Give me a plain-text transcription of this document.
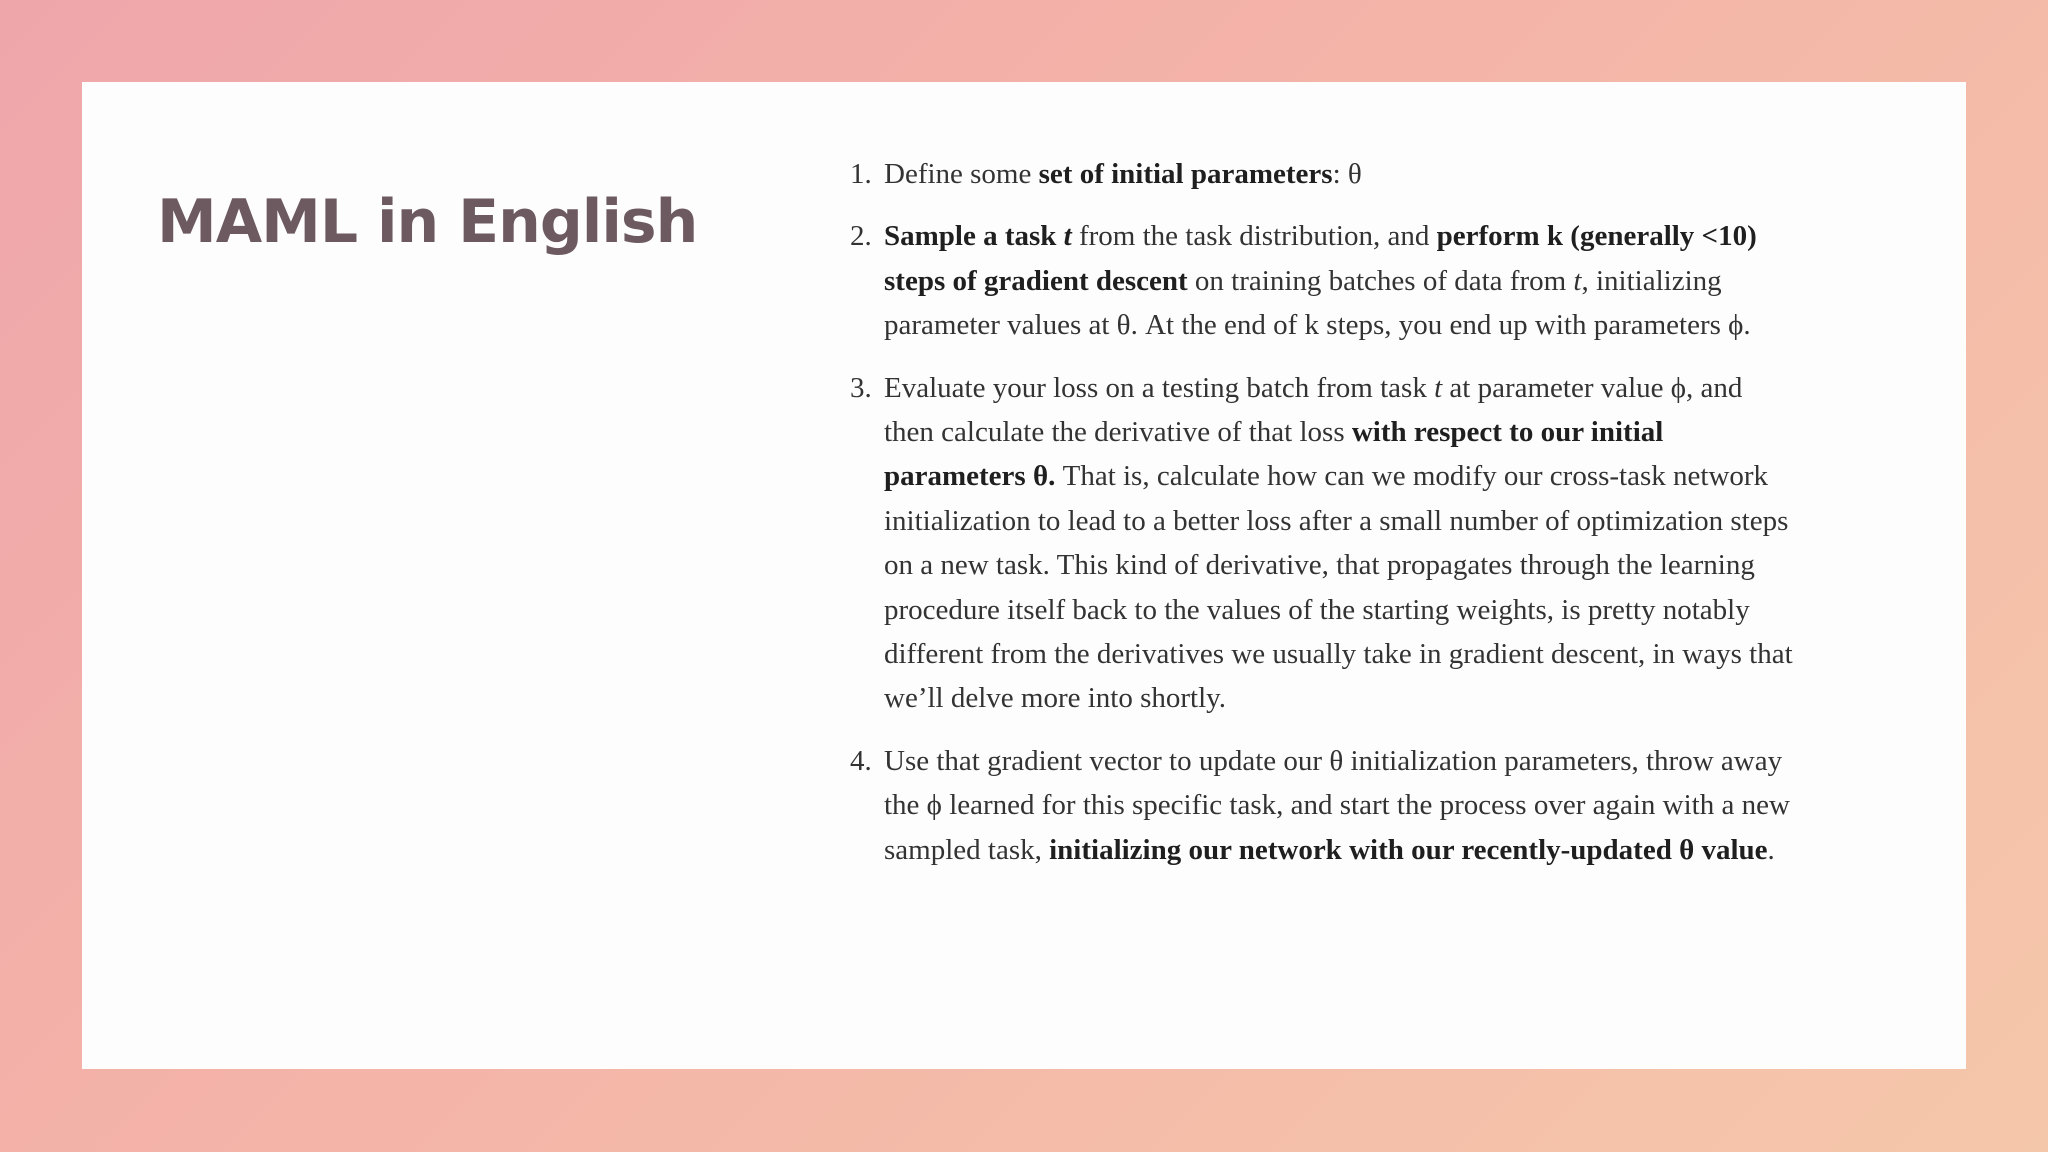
MAML in English
1. Define some set of initial parameters: θ
2. Sample a task t from the task distribution, and perform k (generally <10) steps of gradient descent on training batches of data from t, initializing parameter values at θ. At the end of k steps, you end up with parameters ϕ.
3. Evaluate your loss on a testing batch from task t at parameter value ϕ, and then calculate the derivative of that loss with respect to our initial parameters θ. That is, calculate how can we modify our cross-task network initialization to lead to a better loss after a small number of optimization steps on a new task. This kind of derivative, that propagates through the learning procedure itself back to the values of the starting weights, is pretty notably different from the derivatives we usually take in gradient descent, in ways that we’ll delve more into shortly.
4. Use that gradient vector to update our θ initialization parameters, throw away the ϕ learned for this specific task, and start the process over again with a new sampled task, initializing our network with our recently-updated θ value.
